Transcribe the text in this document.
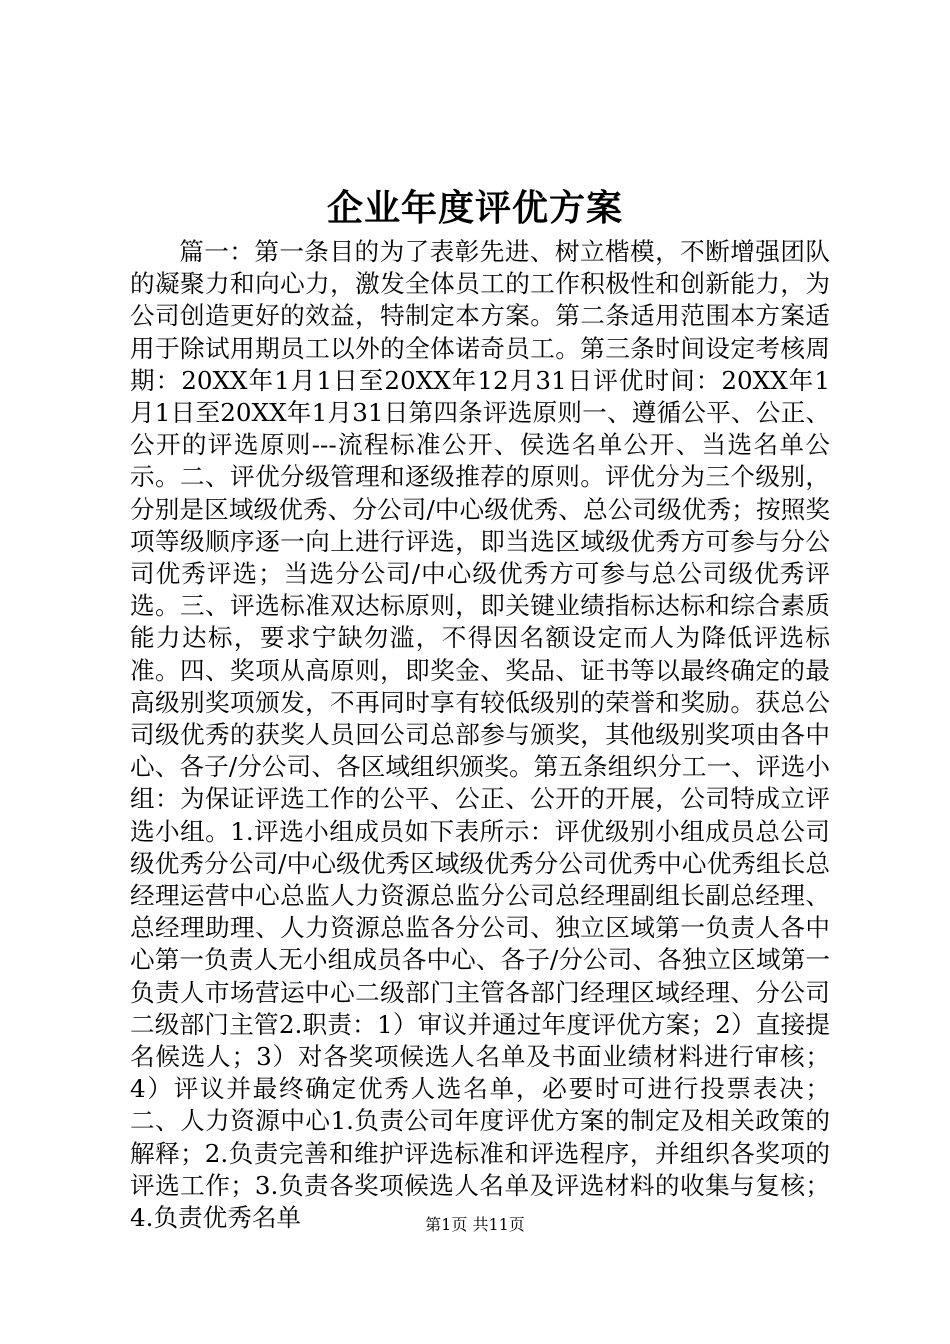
企业年度评优方案

篇一：第一条目的为了表彰先进、树立楷模，不断增强团队的凝聚力和向心力，激发全体员工的工作积极性和创新能力，为公司创造更好的效益，特制定本方案。第二条适用范围本方案适用于除试用期员工以外的全体诺奇员工。第三条时间设定考核周期：20XX年1月1日至20XX年12月31日评优时间：20XX年1月1日至20XX年1月31日第四条评选原则一、遵循公平、公正、公开的评选原则---流程标准公开、侯选名单公开、当选名单公示。二、评优分级管理和逐级推荐的原则。评优分为三个级别，分别是区域级优秀、分公司/中心级优秀、总公司级优秀；按照奖项等级顺序逐一向上进行评选，即当选区域级优秀方可参与分公司优秀评选；当选分公司/中心级优秀方可参与总公司级优秀评选。三、评选标准双达标原则，即关键业绩指标达标和综合素质能力达标，要求宁缺勿滥，不得因名额设定而人为降低评选标准。四、奖项从高原则，即奖金、奖品、证书等以最终确定的最高级别奖项颁发，不再同时享有较低级别的荣誉和奖励。获总公司级优秀的获奖人员回公司总部参与颁奖，其他级别奖项由各中心、各子/分公司、各区域组织颁奖。第五条组织分工一、评选小组：为保证评选工作的公平、公正、公开的开展，公司特成立评选小组。1.评选小组成员如下表所示：评优级别小组成员总公司级优秀分公司/中心级优秀区域级优秀分公司优秀中心优秀组长总经理运营中心总监人力资源总监分公司总经理副组长副总经理、总经理助理、人力资源总监各分公司、独立区域第一负责人各中心第一负责人无小组成员各中心、各子/分公司、各独立区域第一负责人市场营运中心二级部门主管各部门经理区域经理、分公司二级部门主管2.职责：1）审议并通过年度评优方案；2）直接提名候选人；3）对各奖项候选人名单及书面业绩材料进行审核；4）评议并最终确定优秀人选名单，必要时可进行投票表决；二、人力资源中心1.负责公司年度评优方案的制定及相关政策的解释；2.负责完善和维护评选标准和评选程序，并组织各奖项的评选工作；3.负责各奖项候选人名单及评选材料的收集与复核；4.负责优秀名单	第1页 共11页
